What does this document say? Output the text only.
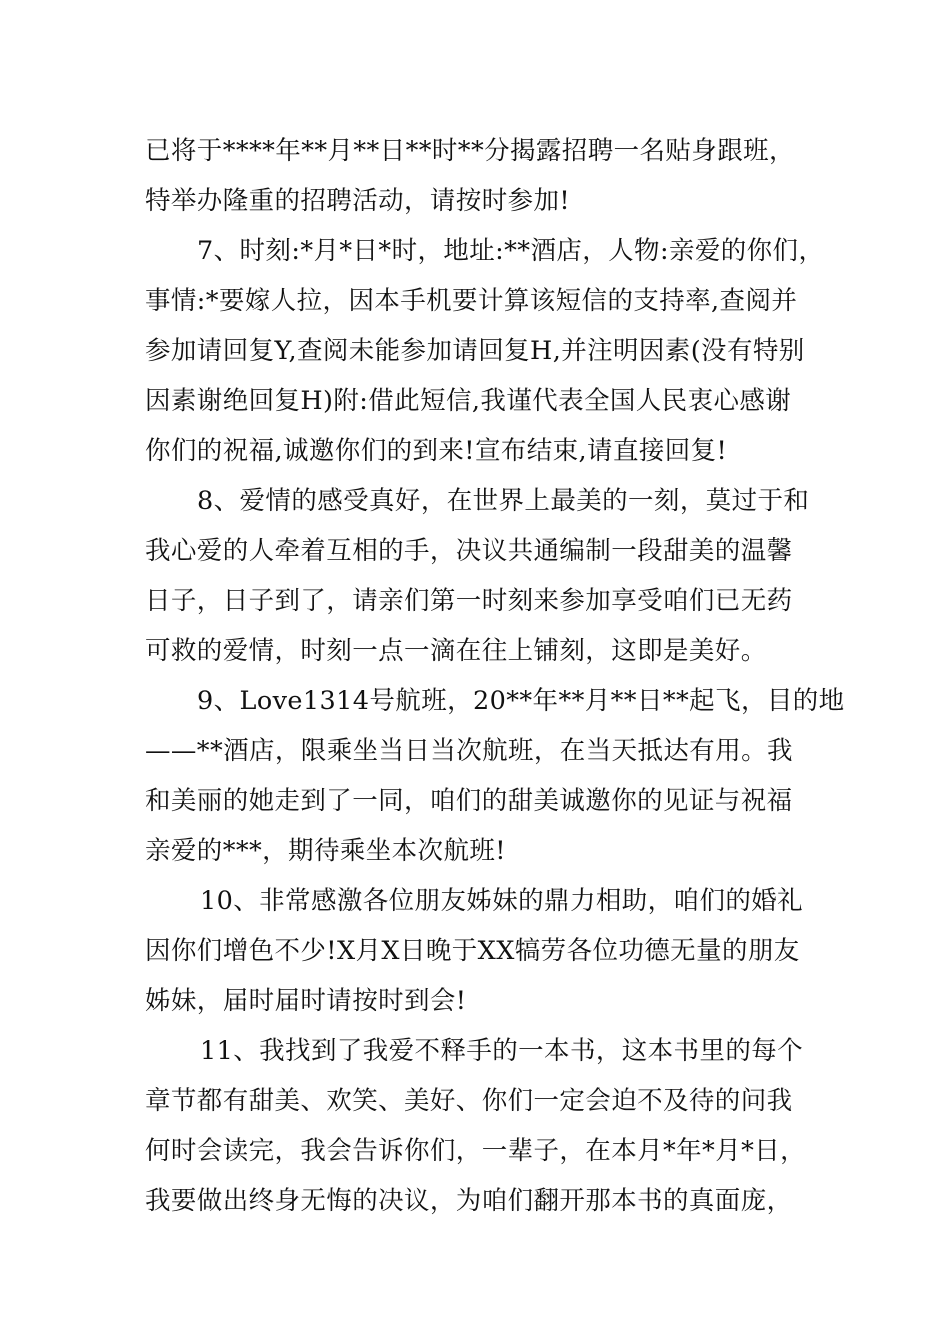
已将于****年**月**日**时**分揭露招聘一名贴身跟班，
特举办隆重的招聘活动，请按时参加!
7、时刻:*月*日*时，地址:**酒店，人物:亲爱的你们，
事情:*要嫁人拉，因本手机要计算该短信的支持率,查阅并
参加请回复Y,查阅未能参加请回复H,并注明因素(没有特别
因素谢绝回复H)附:借此短信,我谨代表全国人民衷心感谢
你们的祝福,诚邀你们的到来!宣布结束,请直接回复!
8、爱情的感受真好，在世界上最美的一刻，莫过于和
我心爱的人牵着互相的手，决议共通编制一段甜美的温馨
日子，日子到了，请亲们第一时刻来参加享受咱们已无药
可救的爱情，时刻一点一滴在往上铺刻，这即是美好。
9、Love1314号航班，20**年**月**日**起飞，目的地
——**酒店，限乘坐当日当次航班，在当天抵达有用。我
和美丽的她走到了一同，咱们的甜美诚邀你的见证与祝福
亲爱的***，期待乘坐本次航班!
10、非常感激各位朋友姊妹的鼎力相助，咱们的婚礼
因你们增色不少!X月X日晚于XX犒劳各位功德无量的朋友
姊妹，届时届时请按时到会!
11、我找到了我爱不释手的一本书，这本书里的每个
章节都有甜美、欢笑、美好、你们一定会迫不及待的问我
何时会读完，我会告诉你们，一辈子，在本月*年*月*日，
我要做出终身无悔的决议，为咱们翻开那本书的真面庞，
